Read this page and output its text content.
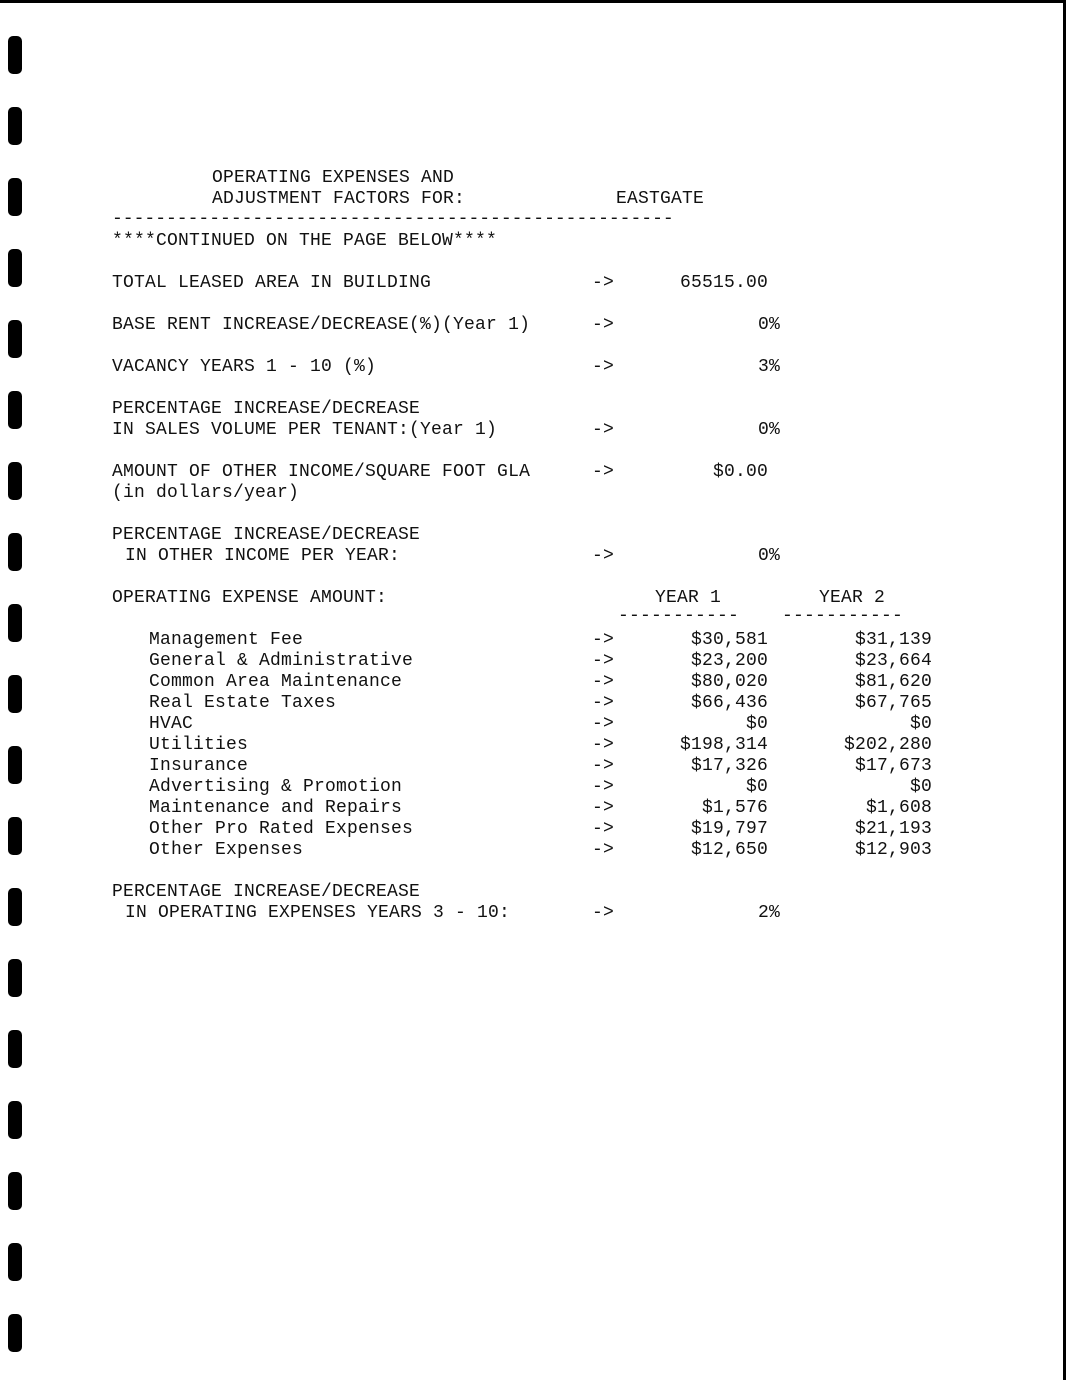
OPERATING EXPENSES AND
ADJUSTMENT FACTORS FOR:	EASTGATE
----------------------------------------------------
****CONTINUED ON THE PAGE BELOW****
TOTAL LEASED AREA IN BUILDING	->	65515.00
BASE RENT INCREASE/DECREASE(%)(Year 1)	->	0%
VACANCY YEARS 1 - 10 (%)	->	3%
PERCENTAGE INCREASE/DECREASE
IN SALES VOLUME PER TENANT:(Year 1)	->	0%
AMOUNT OF OTHER INCOME/SQUARE FOOT GLA	->	$0.00
(in dollars/year)
PERCENTAGE INCREASE/DECREASE
IN OTHER INCOME PER YEAR:	->	0%
OPERATING EXPENSE AMOUNT:	YEAR 1	YEAR 2
----------- -----------
Management Fee	->	$30,581	$31,139
General & Administrative	->	$23,200	$23,664
Common Area Maintenance	->	$80,020	$81,620
Real Estate Taxes	->	$66,436	$67,765
HVAC	->	$0	$0
Utilities	->	$198,314	$202,280
Insurance	->	$17,326	$17,673
Advertising & Promotion	->	$0	$0
Maintenance and Repairs	->	$1,576	$1,608
Other Pro Rated Expenses	->	$19,797	$21,193
Other Expenses	->	$12,650	$12,903
PERCENTAGE INCREASE/DECREASE
IN OPERATING EXPENSES YEARS 3 - 10:	->	2%
